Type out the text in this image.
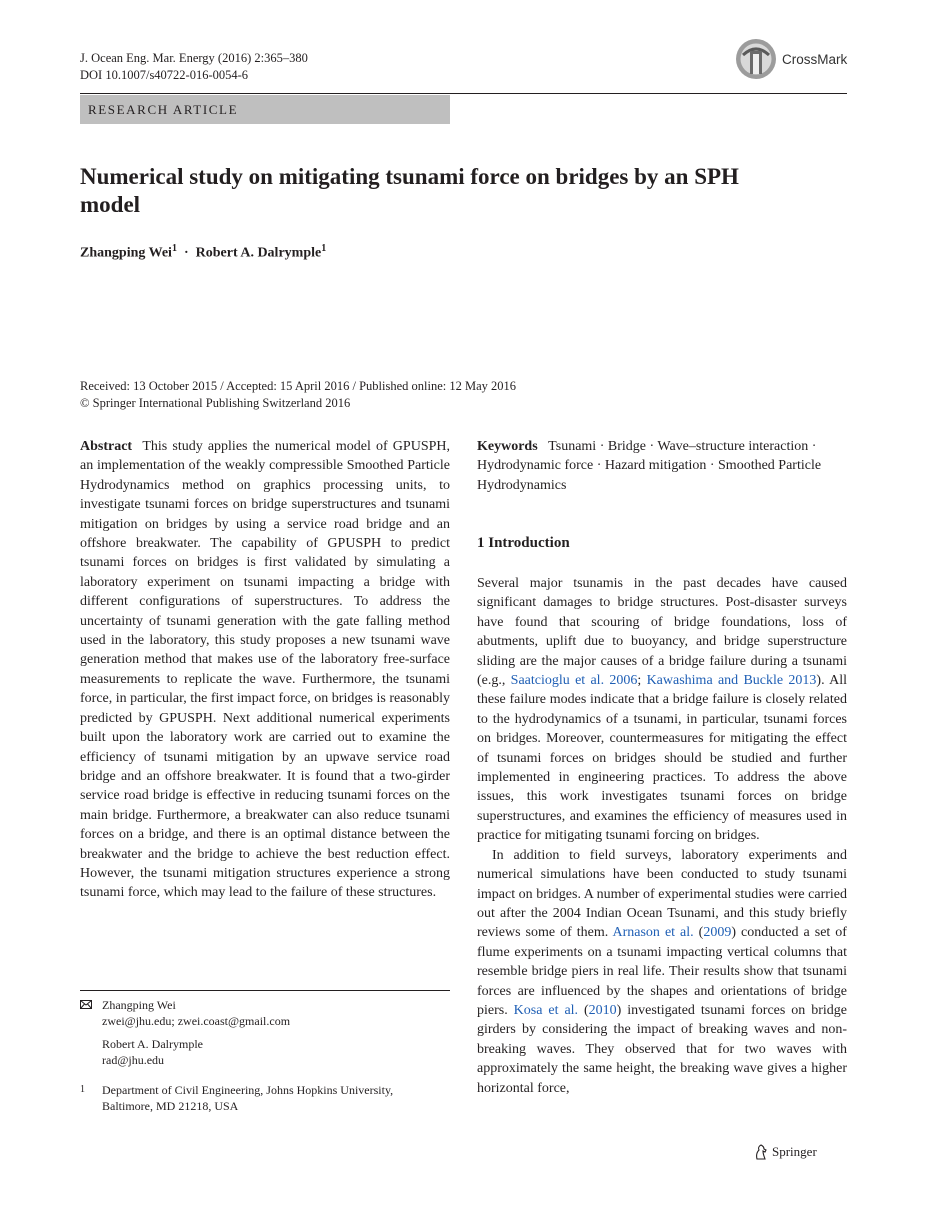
J. Ocean Eng. Mar. Energy (2016) 2:365–380
DOI 10.1007/s40722-016-0054-6
CrossMark
RESEARCH ARTICLE
Numerical study on mitigating tsunami force on bridges by an SPH model
Zhangping Wei$^1$ · Robert A. Dalrymple$^1$
Received: 13 October 2015 / Accepted: 15 April 2016 / Published online: 12 May 2016
© Springer International Publishing Switzerland 2016

Abstract This study applies the numerical model of GPUSPH, an implementation of the weakly compressible Smoothed Particle Hydrodynamics method on graphics processing units, to investigate tsunami forces on bridge superstructures and tsunami mitigation on bridges by using a service road bridge and an offshore breakwater. The capability of GPUSPH to predict tsunami forces on bridges is first validated by simulating a laboratory experiment on tsunami impacting a bridge with different configurations of superstructures. To address the uncertainty of tsunami generation with the gate falling method used in the laboratory, this study proposes a new tsunami wave generation method that makes use of the laboratory free-surface measurements to replicate the wave. Furthermore, the tsunami force, in particular, the first impact force, on bridges is reasonably predicted by GPUSPH. Next additional numerical experiments built upon the laboratory work are carried out to examine the efficiency of tsunami mitigation by an upwave service road bridge and an offshore breakwater. It is found that a two-girder service road bridge is effective in reducing tsunami forces on the main bridge. Furthermore, a breakwater can also reduce tsunami forces on a bridge, and there is an optimal distance between the breakwater and the bridge to achieve the best reduction effect. However, the tsunami mitigation structures experience a strong tsunami force, which may lead to the failure of these structures.

Keywords Tsunami · Bridge · Wave–structure interaction · Hydrodynamic force · Hazard mitigation · Smoothed Particle Hydrodynamics

1 Introduction

Several major tsunamis in the past decades have caused significant damages to bridge structures. Post-disaster surveys have found that scouring of bridge foundations, loss of abutments, uplift due to buoyancy, and bridge superstructure sliding are the major causes of a bridge failure during a tsunami (e.g., Saatcioglu et al. 2006; Kawashima and Buckle 2013). All these failure modes indicate that a bridge failure is closely related to the hydrodynamics of a tsunami, in particular, tsunami forces on bridges. Moreover, countermeasures for mitigating the effect of tsunami forces on bridges should be studied and further implemented in engineering practices. To address the above issues, this work investigates tsunami forces on bridge superstructures, and examines the efficiency of measures used in practice for mitigating tsunami forcing on bridges.

In addition to field surveys, laboratory experiments and numerical simulations have been conducted to study tsunami impact on bridges. A number of experimental studies were carried out after the 2004 Indian Ocean Tsunami, and this study briefly reviews some of them. Arnason et al. (2009) conducted a set of flume experiments on a tsunami impacting vertical columns that resemble bridge piers in real life. Their results show that tsunami forces are influenced by the shapes and orientations of bridge piers. Kosa et al. (2010) investigated tsunami forces on bridge girders by considering the impact of breaking waves and non-breaking waves. They observed that for two waves with approximately the same height, the breaking wave gives a higher horizontal force,

Zhangping Wei
zwei@jhu.edu; zwei.coast@gmail.com
Robert A. Dalrymple
rad@jhu.edu
1	Department of Civil Engineering, Johns Hopkins University,
Baltimore, MD 21218, USA
Springer
